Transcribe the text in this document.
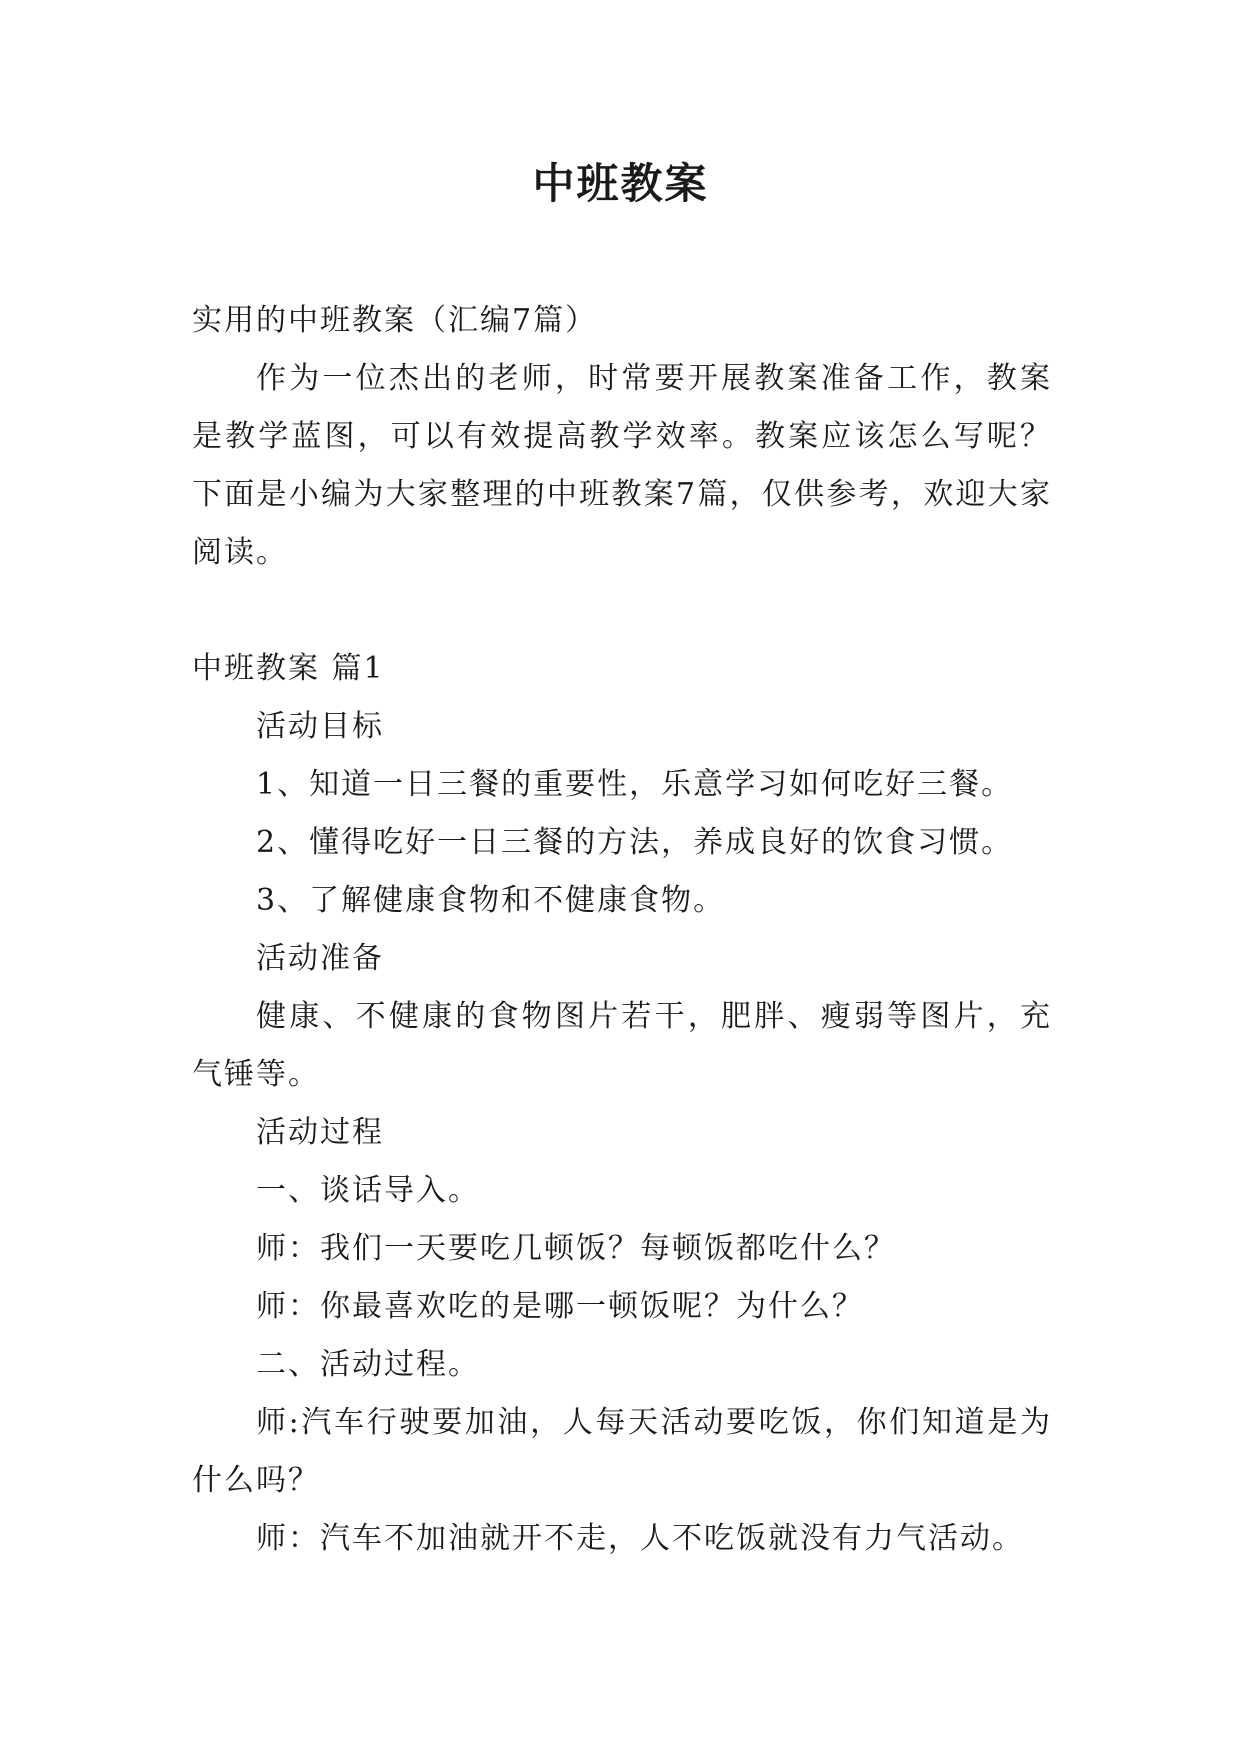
中班教案

实用的中班教案（汇编7篇）

作为一位杰出的老师，时常要开展教案准备工作，教案是教学蓝图，可以有效提高教学效率。教案应该怎么写呢？下面是小编为大家整理的中班教案7篇，仅供参考，欢迎大家阅读。

中班教案 篇1

活动目标

1、知道一日三餐的重要性，乐意学习如何吃好三餐。

2、懂得吃好一日三餐的方法，养成良好的饮食习惯。

3、了解健康食物和不健康食物。

活动准备

健康、不健康的食物图片若干，肥胖、瘦弱等图片，充气锤等。

活动过程

一、谈话导入。

师：我们一天要吃几顿饭？每顿饭都吃什么？

师：你最喜欢吃的是哪一顿饭呢？为什么？

二、活动过程。

师:汽车行驶要加油，人每天活动要吃饭，你们知道是为什么吗？

师：汽车不加油就开不走，人不吃饭就没有力气活动。
